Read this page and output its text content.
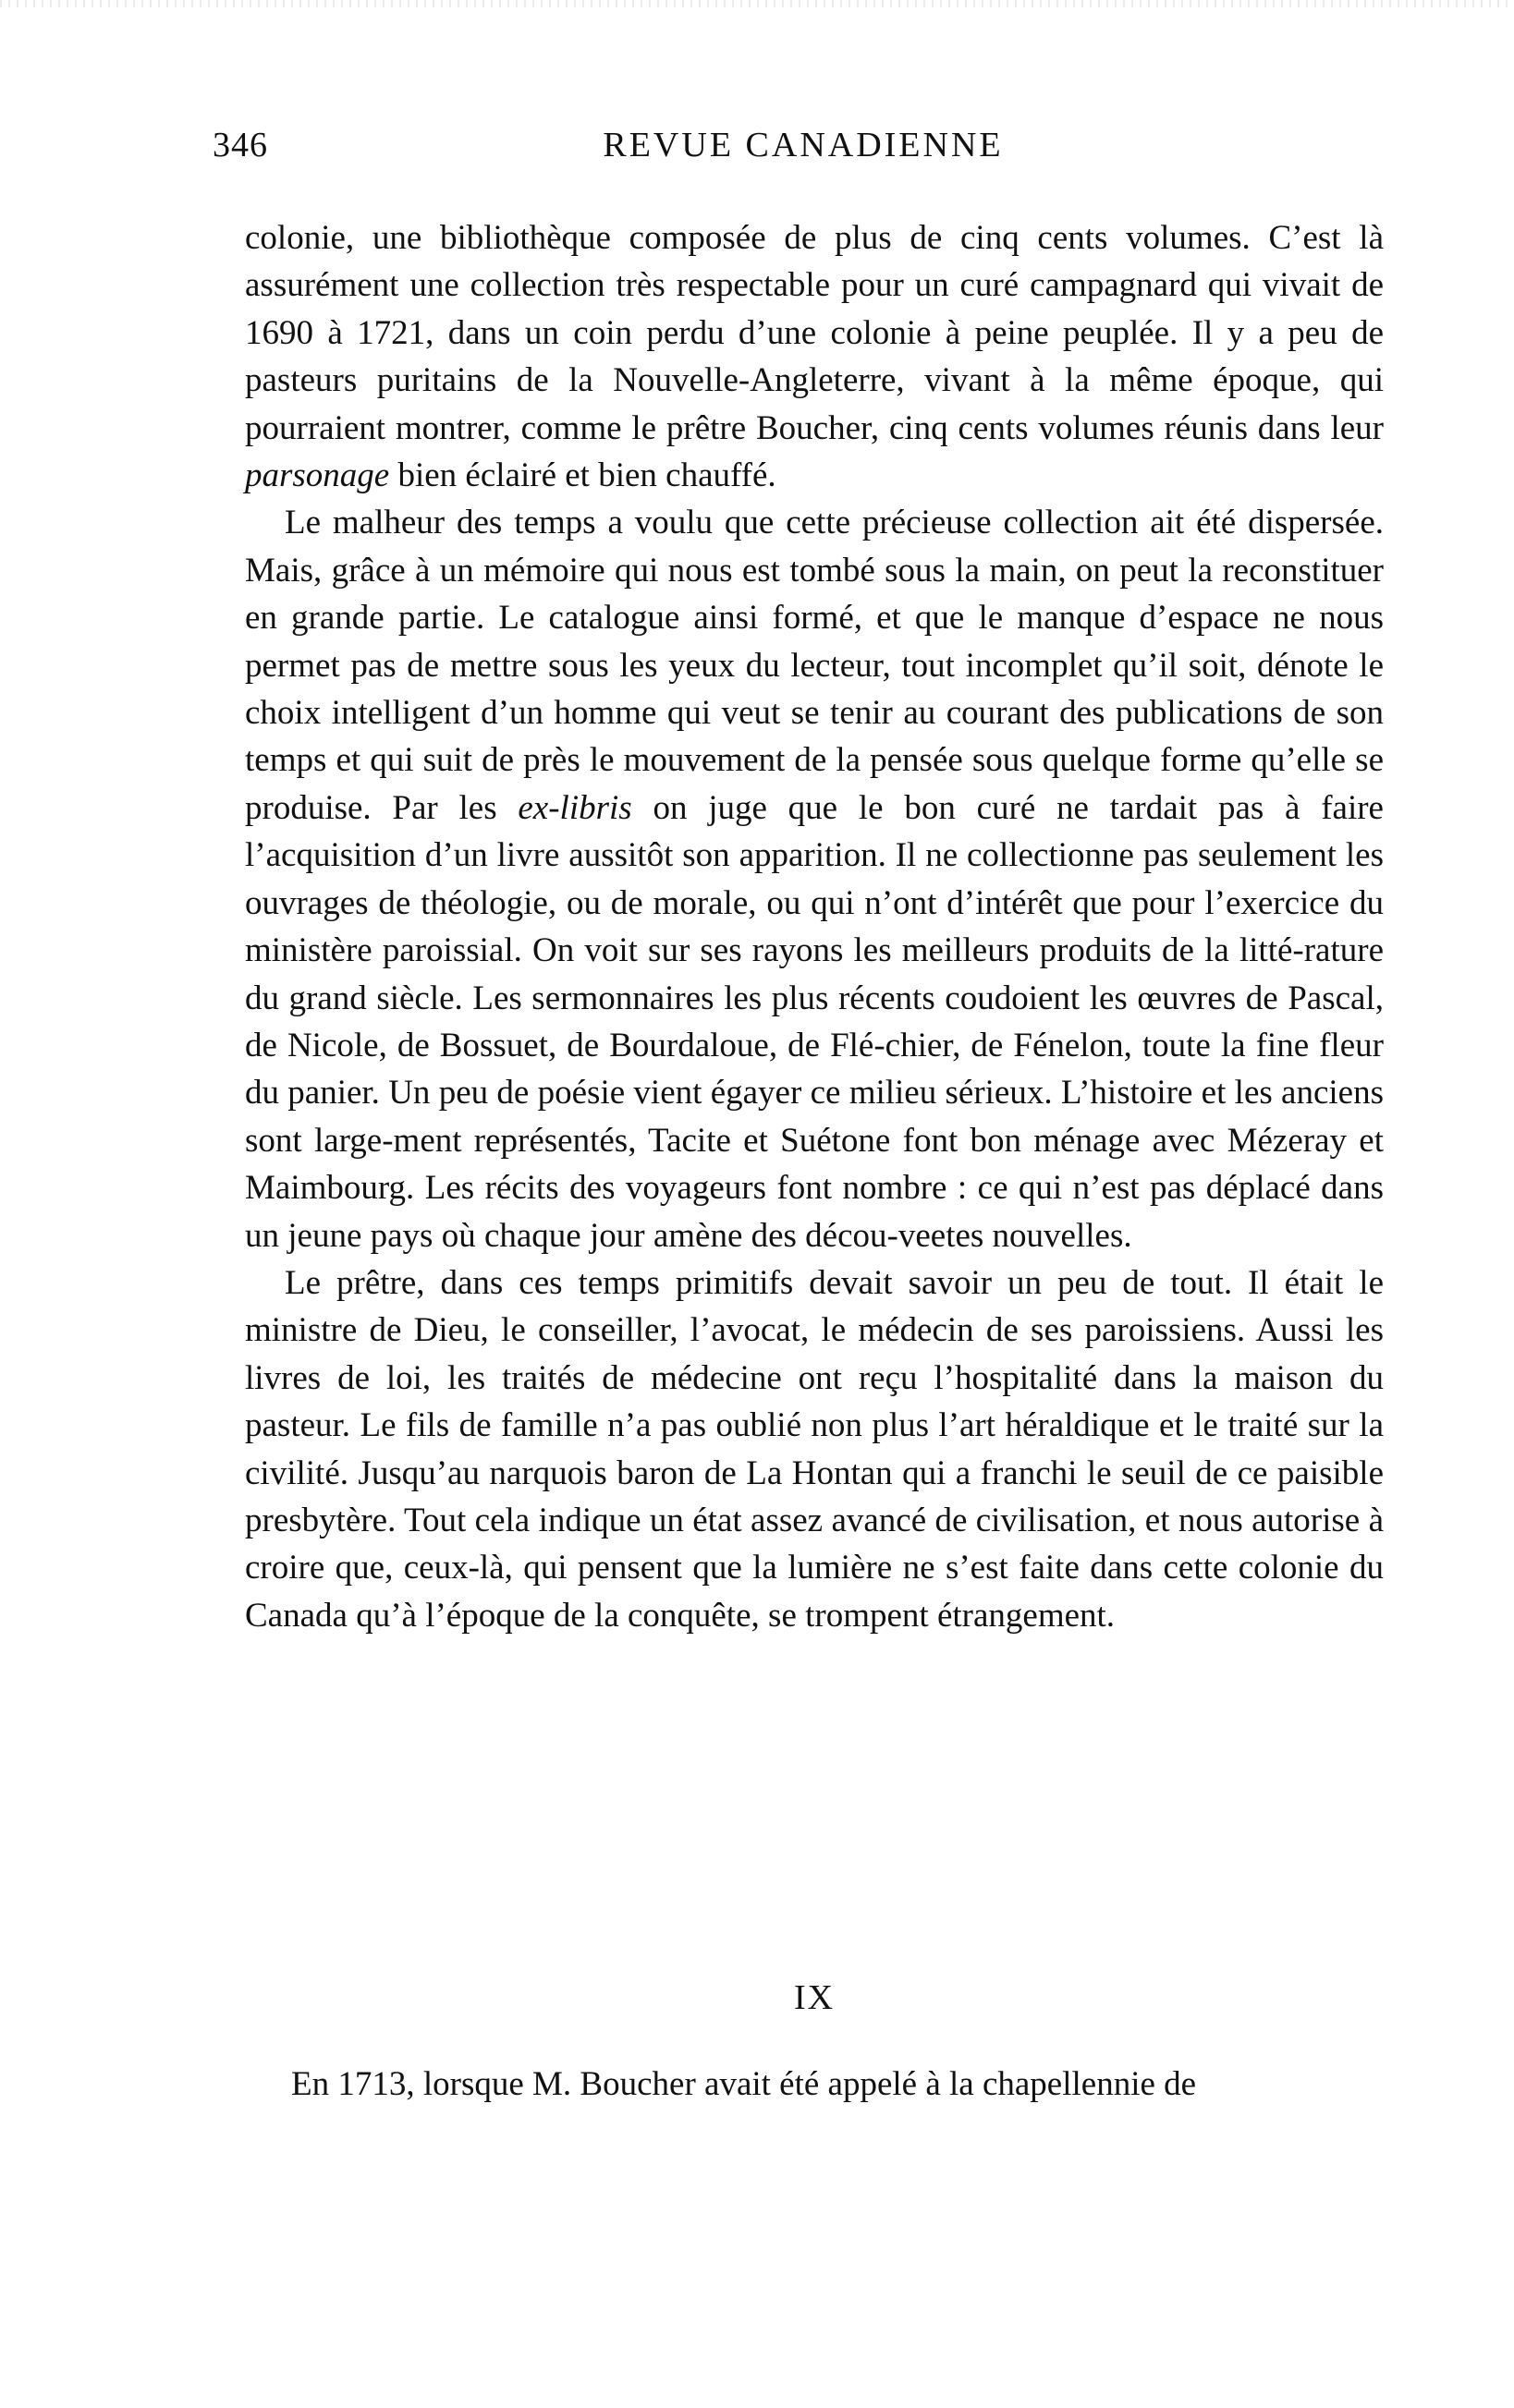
346	REVUE CANADIENNE

colonie, une bibliothèque composée de plus de cinq cents volumes. C’est là assurément une collection très respectable pour un curé campagnard qui vivait de 1690 à 1721, dans un coin perdu d’une colonie à peine peuplée. Il y a peu de pasteurs puritains de la Nouvelle-Angleterre, vivant à la même époque, qui pourraient montrer, comme le prêtre Boucher, cinq cents volumes réunis dans leur parsonage bien éclairé et bien chauffé.

Le malheur des temps a voulu que cette précieuse collection ait été dispersée. Mais, grâce à un mémoire qui nous est tombé sous la main, on peut la reconstituer en grande partie. Le catalogue ainsi formé, et que le manque d’espace ne nous permet pas de mettre sous les yeux du lecteur, tout incomplet qu’il soit, dénote le choix intelligent d’un homme qui veut se tenir au courant des publications de son temps et qui suit de près le mouvement de la pensée sous quelque forme qu’elle se produise. Par les ex-libris on juge que le bon curé ne tardait pas à faire l’acquisition d’un livre aussitôt son apparition. Il ne collectionne pas seulement les ouvrages de théologie, ou de morale, ou qui n’ont d’intérêt que pour l’exercice du ministère paroissial. On voit sur ses rayons les meilleurs produits de la litté-rature du grand siècle. Les sermonnaires les plus récents coudoient les œuvres de Pascal, de Nicole, de Bossuet, de Bourdaloue, de Flé-chier, de Fénelon, toute la fine fleur du panier. Un peu de poésie vient égayer ce milieu sérieux. L’histoire et les anciens sont large-ment représentés, Tacite et Suétone font bon ménage avec Mézeray et Maimbourg. Les récits des voyageurs font nombre : ce qui n’est pas déplacé dans un jeune pays où chaque jour amène des décou-veetes nouvelles.

Le prêtre, dans ces temps primitifs devait savoir un peu de tout. Il était le ministre de Dieu, le conseiller, l’avocat, le médecin de ses paroissiens. Aussi les livres de loi, les traités de médecine ont reçu l’hospitalité dans la maison du pasteur. Le fils de famille n’a pas oublié non plus l’art héraldique et le traité sur la civilité. Jusqu’au narquois baron de La Hontan qui a franchi le seuil de ce paisible presbytère. Tout cela indique un état assez avancé de civilisation, et nous autorise à croire que, ceux-là, qui pensent que la lumière ne s’est faite dans cette colonie du Canada qu’à l’époque de la conquête, se trompent étrangement.

IX
En 1713, lorsque M. Boucher avait été appelé à la chapellennie de
